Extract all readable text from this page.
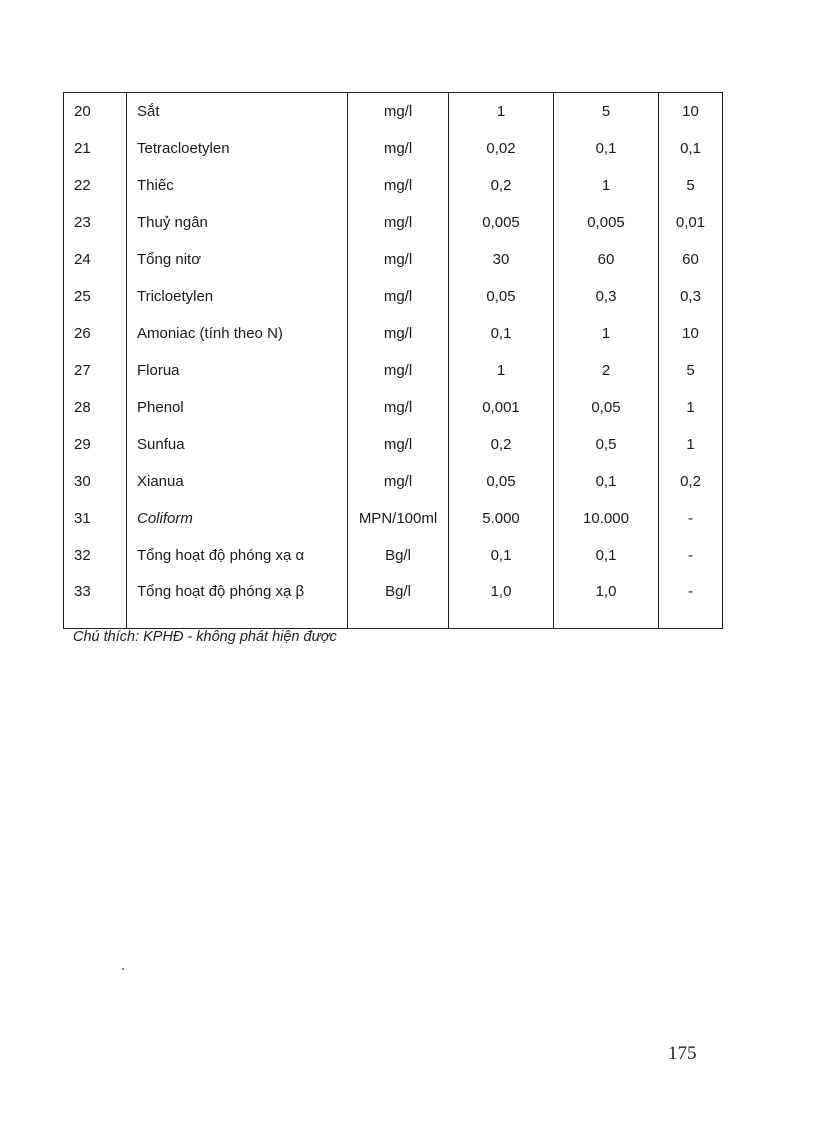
20	Sắt	mg/l	1	5	10
21	Tetracloetylen	mg/l	0,02	0,1	0,1
22	Thiếc	mg/l	0,2	1	5
23	Thuỷ ngân	mg/l	0,005	0,005	0,01
24	Tổng nitơ	mg/l	30	60	60
25	Tricloetylen	mg/l	0,05	0,3	0,3
26	Amoniac (tính theo N)	mg/l	0,1	1	10
27	Florua	mg/l	1	2	5
28	Phenol	mg/l	0,001	0,05	1
29	Sunfua	mg/l	0,2	0,5	1
30	Xianua	mg/l	0,05	0,1	0,2
31	Coliform	MPN/100ml	5.000	10.000	-
32	Tổng hoạt độ phóng xạ α	Bg/l	0,1	0,1	-
33	Tổng hoạt độ phóng xạ β	Bg/l	1,0	1,0	-
Chú thích: KPHĐ - không phát hiện được
175
